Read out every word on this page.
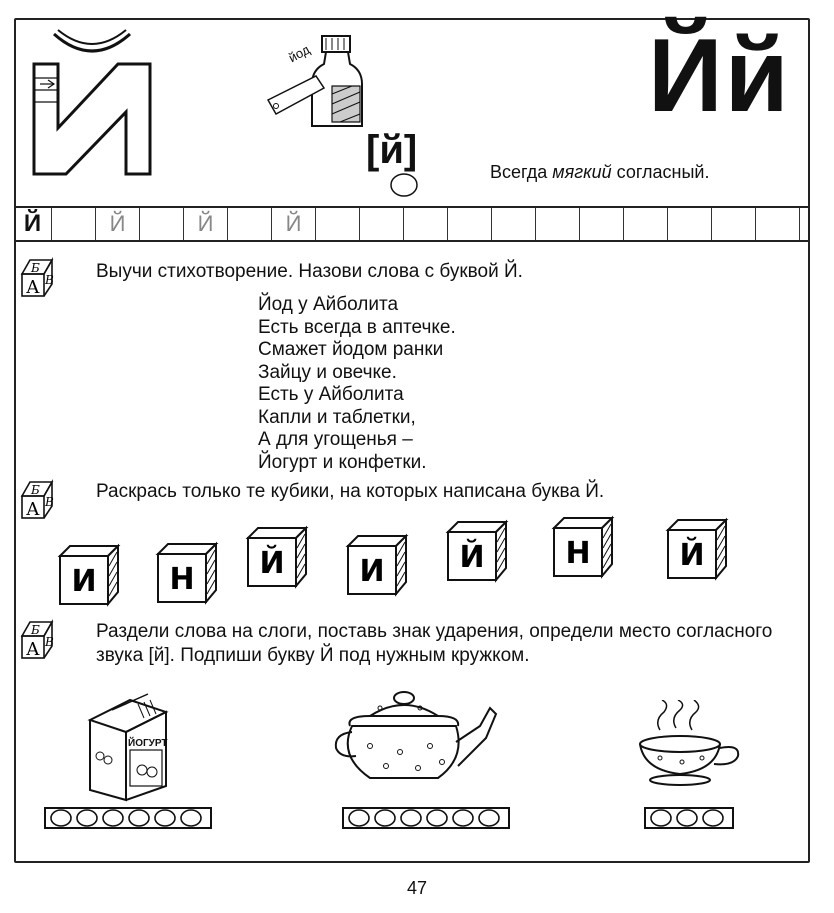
йод	Йй
[й]	Всегда мягкий согласный.
Й	Й	Й	Й
Б
А В Выучи стихотворение. Назови слова с буквой Й.
Йод у Айболита
Есть всегда в аптечке.
Смажет йодом ранки
Зайцу и овечке.
Есть у Айболита
Капли и таблетки,
А для угощенья –
Йогурт и конфетки.
Б
А В Раскрась только те кубики, на которых написана буква Й.
И Н Й И Й	Н	Й
Б
А В Раздели слова на слоги, поставь знак ударения, определи место согласного звука [й]. Подпиши букву Й под нужным кружком.
ЙОГУРТ
47
